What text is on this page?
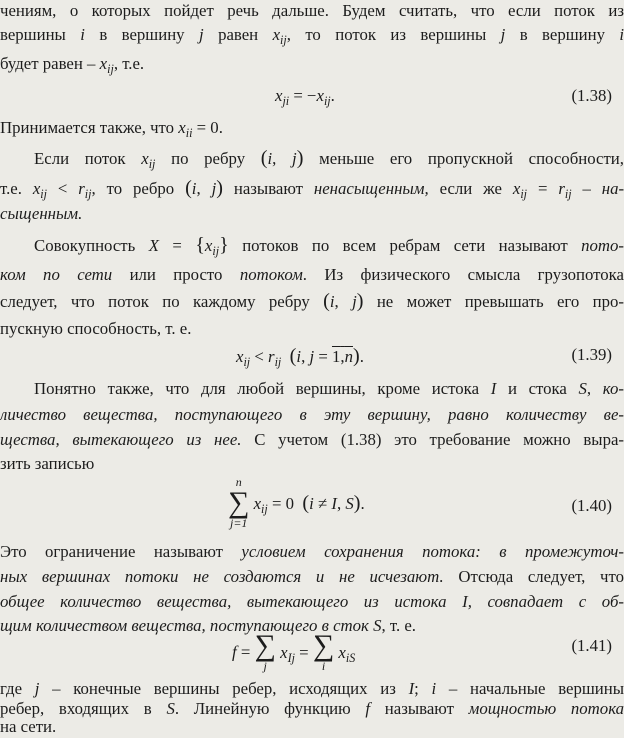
чениям, о которых пойдет речь дальше. Будем считать, что если поток из
вершины i в вершину j равен $x_{ij}$, то поток из вершины j в вершину i
будет равен – $x_{ij}$, т.е.
$x_{ji} = -x_{ij}$.	(1.38)
Принимается также, что $x_{ii} = 0$.
Если поток $x_{ij}$ по ребру (i, j) меньше его пропускной способности,
т.е. $x_{ij} < r_{ij}$, то ребро (i, j) называют ненасыщенным, если же $x_{ij} = r_{ij} - на-$
сыщенным.
Совокупность $X = \{x_{ij}\}$ потоков по всем ребрам сети называют пото-
ком по сети или просто потоком. Из физического смысла грузопотока
следует, что поток по каждому ребру (i, j) не может превышать его про-
пускную способность, т. е.
$x_{ij} < r_{ij}$ (i, j = 1,n).	(1.39)
Понятно также, что для любой вершины, кроме истока I и стока S, ко-
личество вещества, поступающего в эту вершину, равно количеству ве-
щества, вытекающего из нее. С учетом (1.38) это требование можно выра-
зить записью
n
∑
j=1
$x_{ij} = 0$ (i ≠ I, S).	(1.40)
Это ограничение называют условием сохранения потока: в промежуточ-
ных вершинах потоки не создаются и не исчезают. Отсюда следует, что
общее количество вещества, вытекающего из истока I, совпадает с об-
щим количеством вещества, поступающего в сток S, т. е.
f = ∑
j
$x_{Ij}$ = ∑
i
$x_{iS}$
(1.41)
где j – конечные вершины ребер, исходящих из I; i – начальные вершины
ребер, входящих в S. Линейную функцию f называют мощностью потока
на сети.
